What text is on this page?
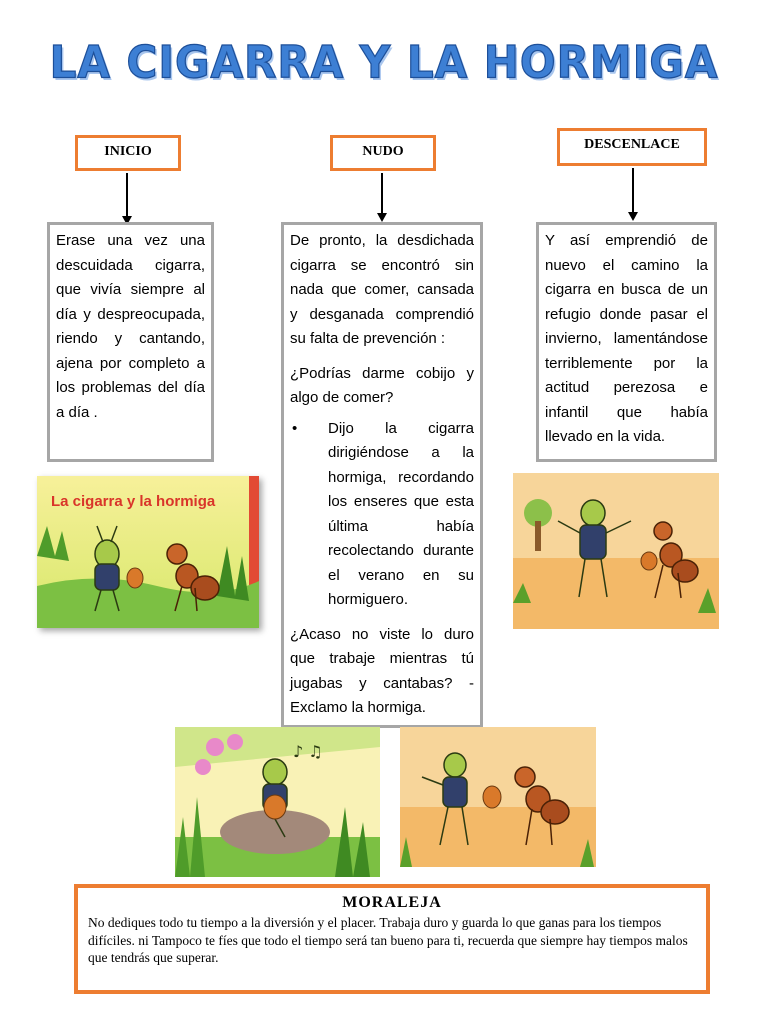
LA CIGARRA Y LA HORMIGA
INICIO	NUDO	DESCENLACE

Erase una vez una descuidada cigarra, que vivía siempre al día y despreocupada, riendo y cantando, ajena por completo a los problemas del día a día .

De pronto, la desdichada cigarra se encontró sin nada que comer, cansada y desganada comprendió su falta de prevención :

¿Podrías darme cobijo y algo de comer?

•	Dijo la cigarra dirigiéndose a la hormiga, recordando los enseres que esta última había recolectando durante el verano en su hormiguero.

¿Acaso no viste lo duro que trabaje mientras tú jugabas y cantabas? - Exclamo la hormiga.

Y así emprendió de nuevo el camino la cigarra en busca de un refugio donde pasar el invierno, lamentándose terriblemente por la actitud perezosa e infantil que había llevado en la vida.

La cigarra y la hormiga
♪ ♫
MORALEJA
No dediques todo tu tiempo a la diversión y el placer. Trabaja duro y guarda lo que ganas para los tiempos difíciles. ni Tampoco te fíes que todo el tiempo será tan bueno para ti, recuerda que siempre hay tiempos malos que tendrás que superar.
